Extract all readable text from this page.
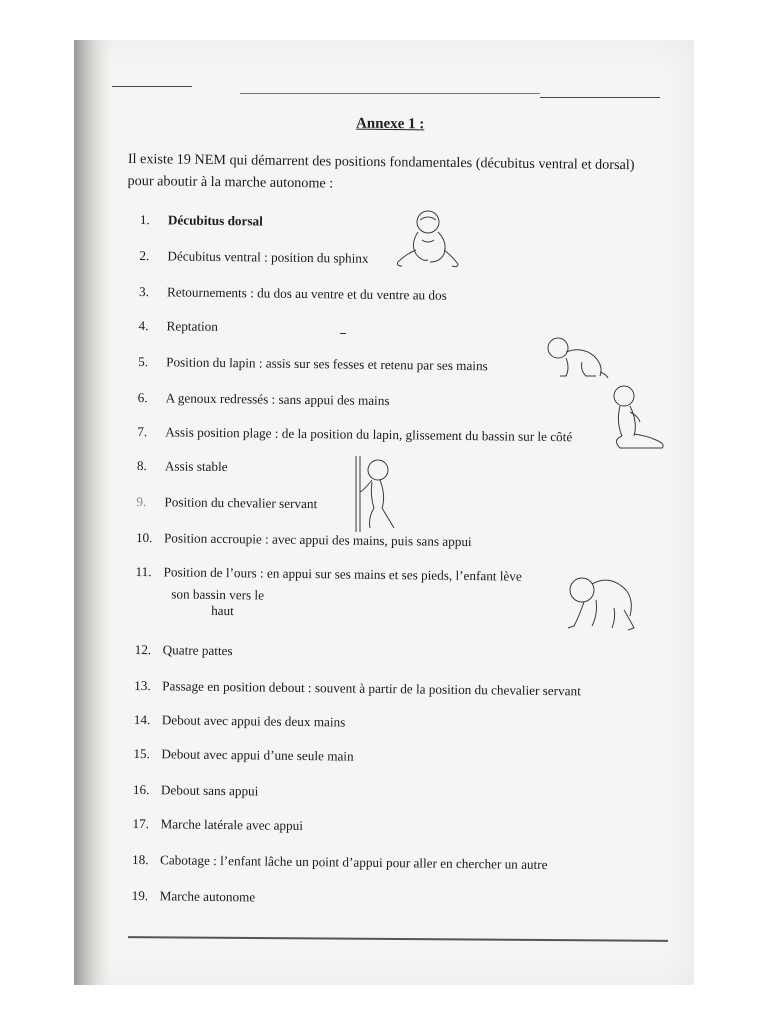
Annexe 1 :
Il existe 19 NEM qui démarrent des positions fondamentales (décubitus ventral et dorsal)
pour aboutir à la marche autonome :
1. Décubitus dorsal
2. Décubitus ventral : position du sphinx
3. Retournements : du dos au ventre et du ventre au dos
4. Reptation
5. Position du lapin : assis sur ses fesses et retenu par ses mains
6. A genoux redressés : sans appui des mains
7. Assis position plage : de la position du lapin, glissement du bassin sur le côté
8. Assis stable
9. Position du chevalier servant
10. Position accroupie : avec appui des mains, puis sans appui
11. Position de l’ours : en appui sur ses mains et ses pieds, l’enfant lève
son bassin vers le
haut
12. Quatre pattes
13. Passage en position debout : souvent à partir de la position du chevalier servant
14. Debout avec appui des deux mains
15. Debout avec appui d’une seule main
16. Debout sans appui
17. Marche latérale avec appui
18. Cabotage : l’enfant lâche un point d’appui pour aller en chercher un autre
19. Marche autonome
